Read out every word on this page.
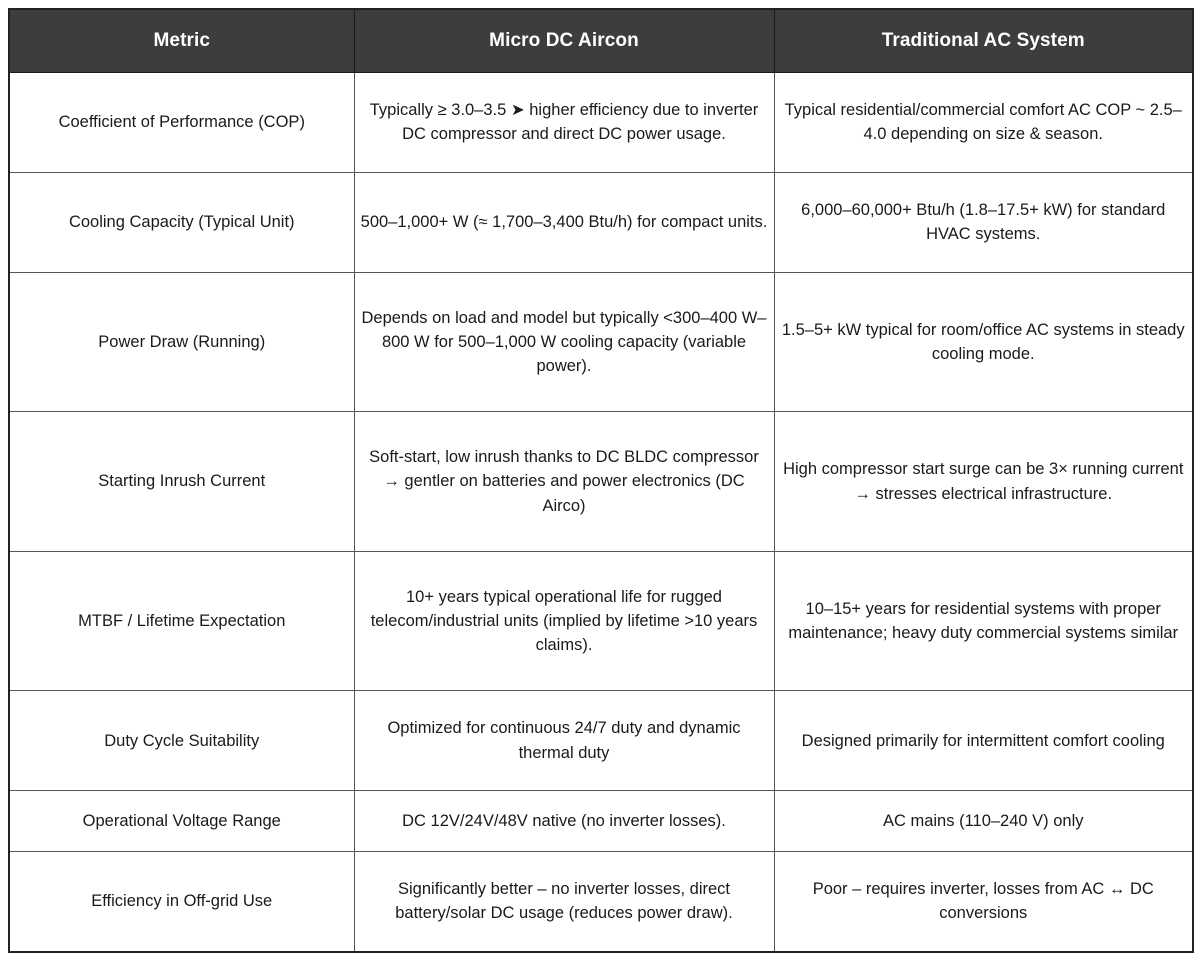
Metric	Micro DC Aircon	Traditional AC System
Coefficient of Performance (COP)	Typically ≥ 3.0–3.5 ➤ higher efficiency due to inverter DC compressor and direct DC power usage.	Typical residential/commercial comfort AC COP ~ 2.5–4.0 depending on size & season.
Cooling Capacity (Typical Unit)	500–1,000+ W (≈ 1,700–3,400 Btu/h) for compact units.	6,000–60,000+ Btu/h (1.8–17.5+ kW) for standard HVAC systems.
Power Draw (Running)	Depends on load and model but typically <300–400 W–800 W for 500–1,000 W cooling capacity (variable power).	1.5–5+ kW typical for room/office AC systems in steady cooling mode.
Starting Inrush Current	Soft-start, low inrush thanks to DC BLDC compressor → gentler on batteries and power electronics (DC Airco)	High compressor start surge can be 3× running current → stresses electrical infrastructure.
MTBF / Lifetime Expectation	10+ years typical operational life for rugged telecom/industrial units (implied by lifetime >10 years claims).	10–15+ years for residential systems with proper maintenance; heavy duty commercial systems similar
Duty Cycle Suitability	Optimized for continuous 24/7 duty and dynamic thermal duty	Designed primarily for intermittent comfort cooling
Operational Voltage Range	DC 12V/24V/48V native (no inverter losses).	AC mains (110–240 V) only
Efficiency in Off-grid Use	Significantly better – no inverter losses, direct battery/solar DC usage (reduces power draw).	Poor – requires inverter, losses from AC ↔ DC conversions
